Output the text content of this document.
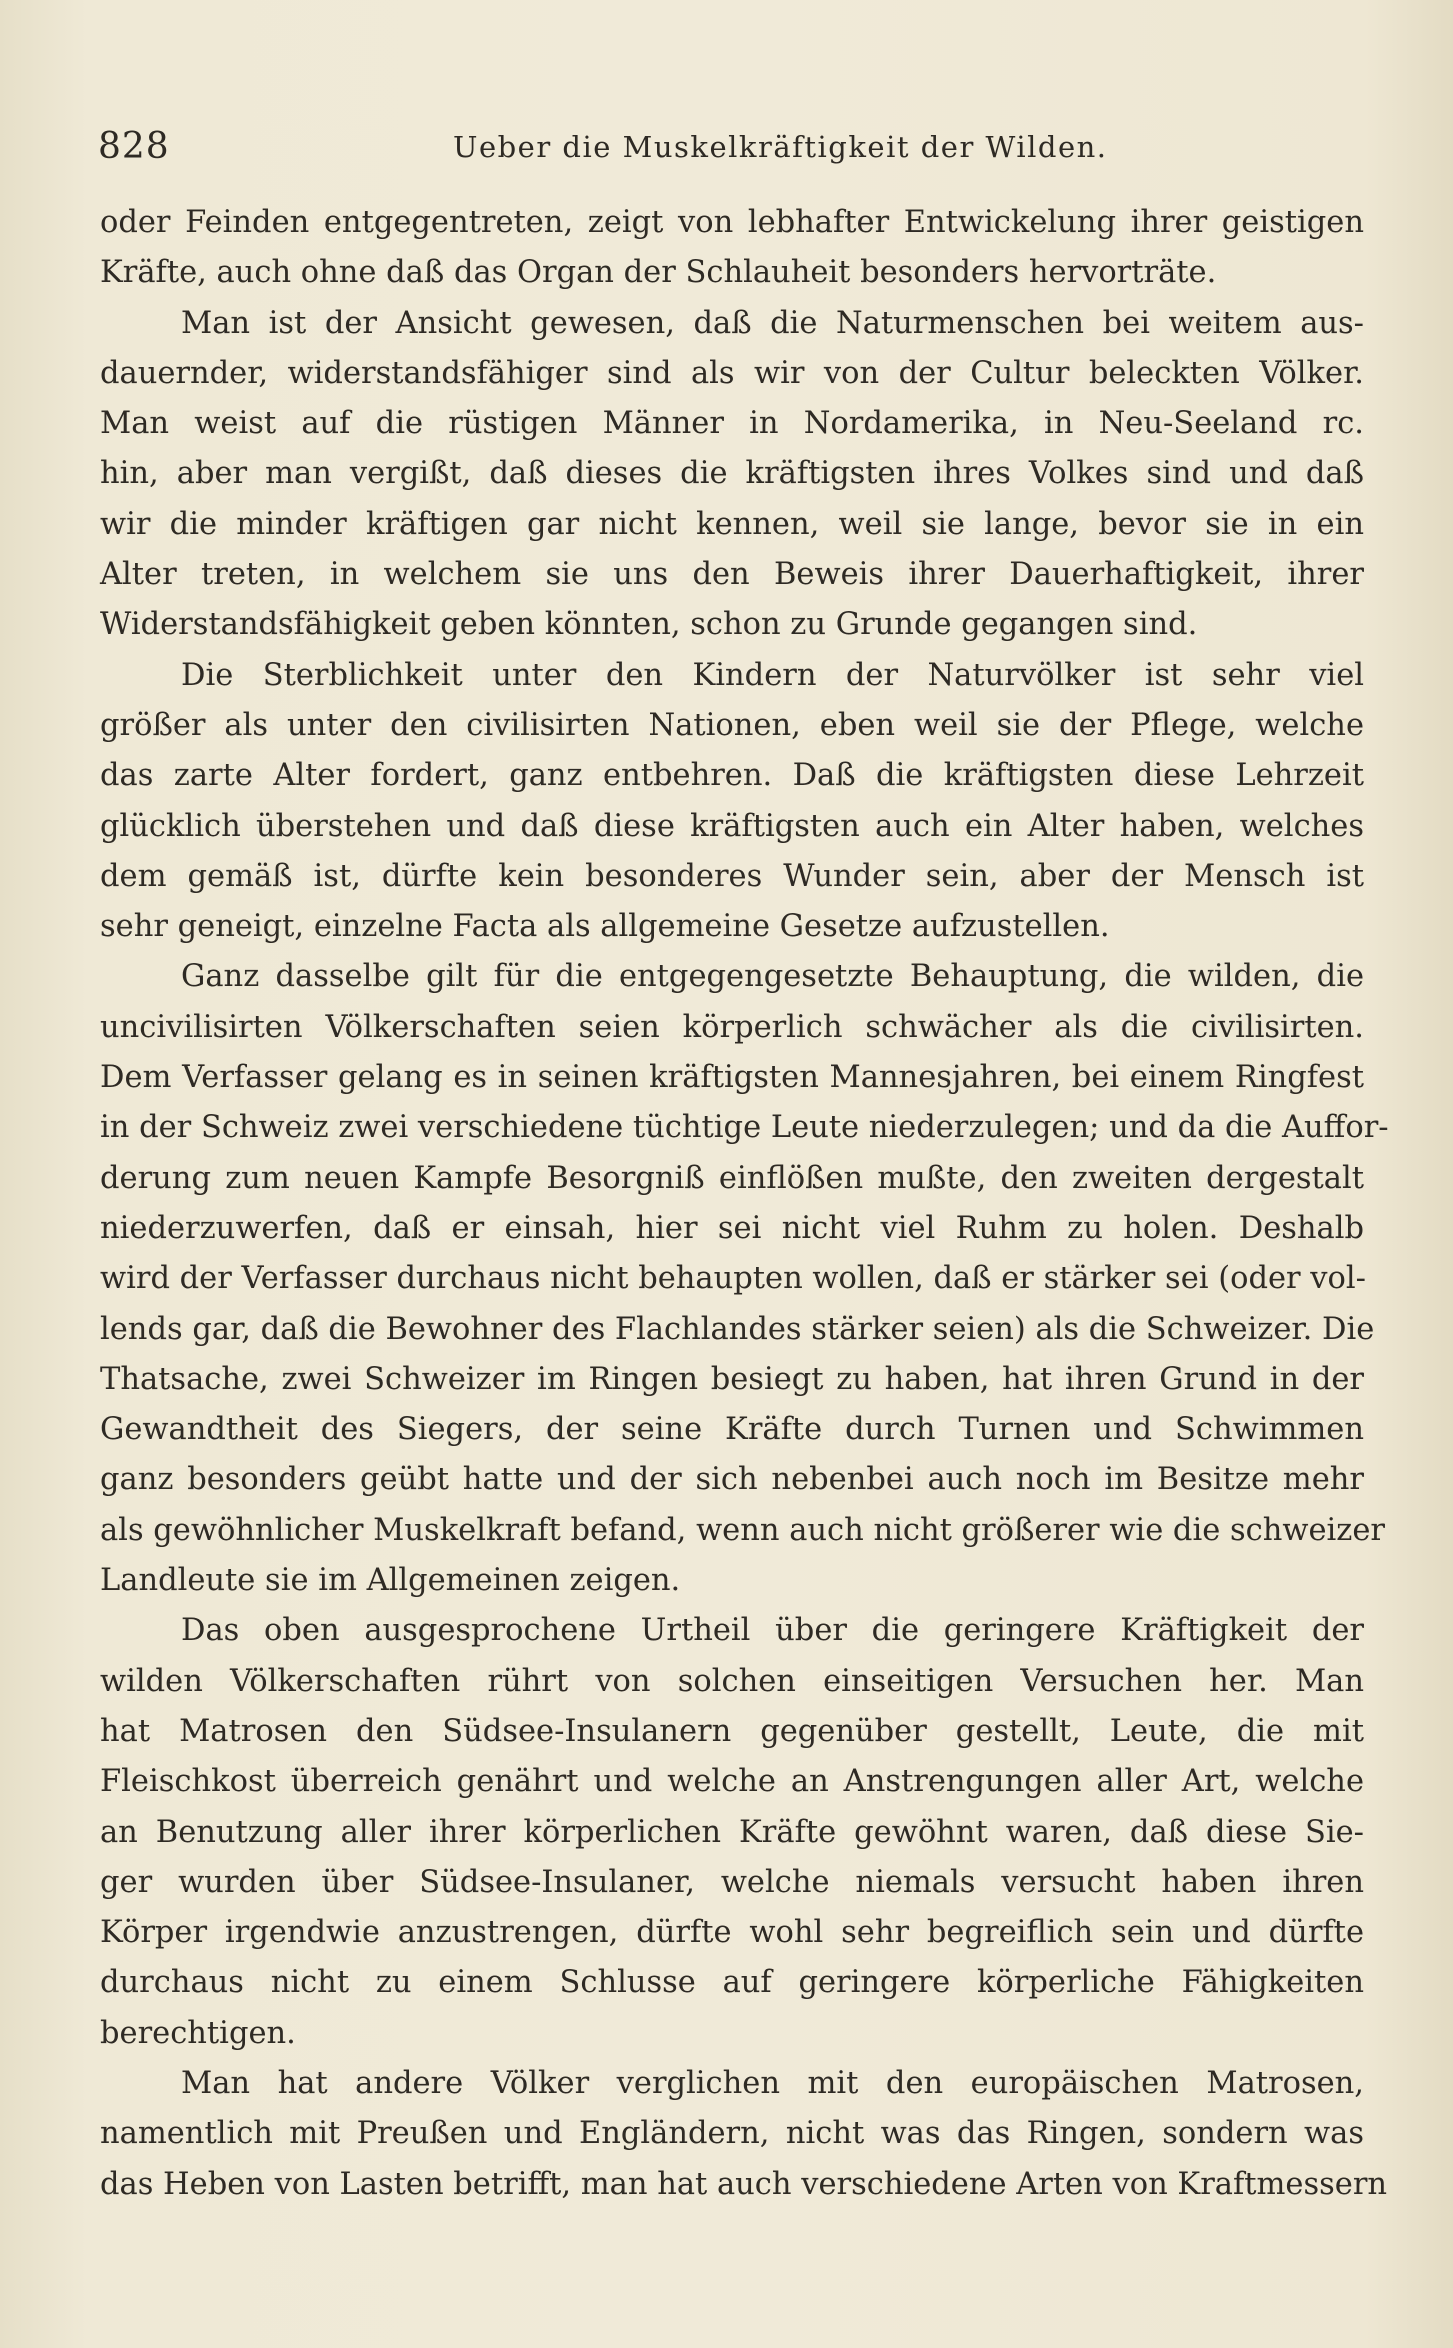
828	Ueber die Muskelkräftigkeit der Wilden.
oder Feinden entgegentreten, zeigt von lebhafter Entwickelung ihrer geistigen
Kräfte, auch ohne daß das Organ der Schlauheit besonders hervorträte.
Man ist der Ansicht gewesen, daß die Naturmenschen bei weitem aus-
dauernder, widerstandsfähiger sind als wir von der Cultur beleckten Völker.
Man weist auf die rüstigen Männer in Nordamerika, in Neu-Seeland rc.
hin, aber man vergißt, daß dieses die kräftigsten ihres Volkes sind und daß
wir die minder kräftigen gar nicht kennen, weil sie lange, bevor sie in ein
Alter treten, in welchem sie uns den Beweis ihrer Dauerhaftigkeit, ihrer
Widerstandsfähigkeit geben könnten, schon zu Grunde gegangen sind.
Die Sterblichkeit unter den Kindern der Naturvölker ist sehr viel
größer als unter den civilisirten Nationen, eben weil sie der Pflege, welche
das zarte Alter fordert, ganz entbehren. Daß die kräftigsten diese Lehrzeit
glücklich überstehen und daß diese kräftigsten auch ein Alter haben, welches
dem gemäß ist, dürfte kein besonderes Wunder sein, aber der Mensch ist
sehr geneigt, einzelne Facta als allgemeine Gesetze aufzustellen.
Ganz dasselbe gilt für die entgegengesetzte Behauptung, die wilden, die
uncivilisirten Völkerschaften seien körperlich schwächer als die civilisirten.
Dem Verfasser gelang es in seinen kräftigsten Mannesjahren, bei einem Ringfest
in der Schweiz zwei verschiedene tüchtige Leute niederzulegen; und da die Auffor-
derung zum neuen Kampfe Besorgniß einflößen mußte, den zweiten dergestalt
niederzuwerfen, daß er einsah, hier sei nicht viel Ruhm zu holen. Deshalb
wird der Verfasser durchaus nicht behaupten wollen, daß er stärker sei (oder vol-
lends gar, daß die Bewohner des Flachlandes stärker seien) als die Schweizer. Die
Thatsache, zwei Schweizer im Ringen besiegt zu haben, hat ihren Grund in der
Gewandtheit des Siegers, der seine Kräfte durch Turnen und Schwimmen
ganz besonders geübt hatte und der sich nebenbei auch noch im Besitze mehr
als gewöhnlicher Muskelkraft befand, wenn auch nicht größerer wie die schweizer
Landleute sie im Allgemeinen zeigen.
Das oben ausgesprochene Urtheil über die geringere Kräftigkeit der
wilden Völkerschaften rührt von solchen einseitigen Versuchen her. Man
hat Matrosen den Südsee-Insulanern gegenüber gestellt, Leute, die mit
Fleischkost überreich genährt und welche an Anstrengungen aller Art, welche
an Benutzung aller ihrer körperlichen Kräfte gewöhnt waren, daß diese Sie-
ger wurden über Südsee-Insulaner, welche niemals versucht haben ihren
Körper irgendwie anzustrengen, dürfte wohl sehr begreiflich sein und dürfte
durchaus nicht zu einem Schlusse auf geringere körperliche Fähigkeiten
berechtigen.
Man hat andere Völker verglichen mit den europäischen Matrosen,
namentlich mit Preußen und Engländern, nicht was das Ringen, sondern was
das Heben von Lasten betrifft, man hat auch verschiedene Arten von Kraftmessern
